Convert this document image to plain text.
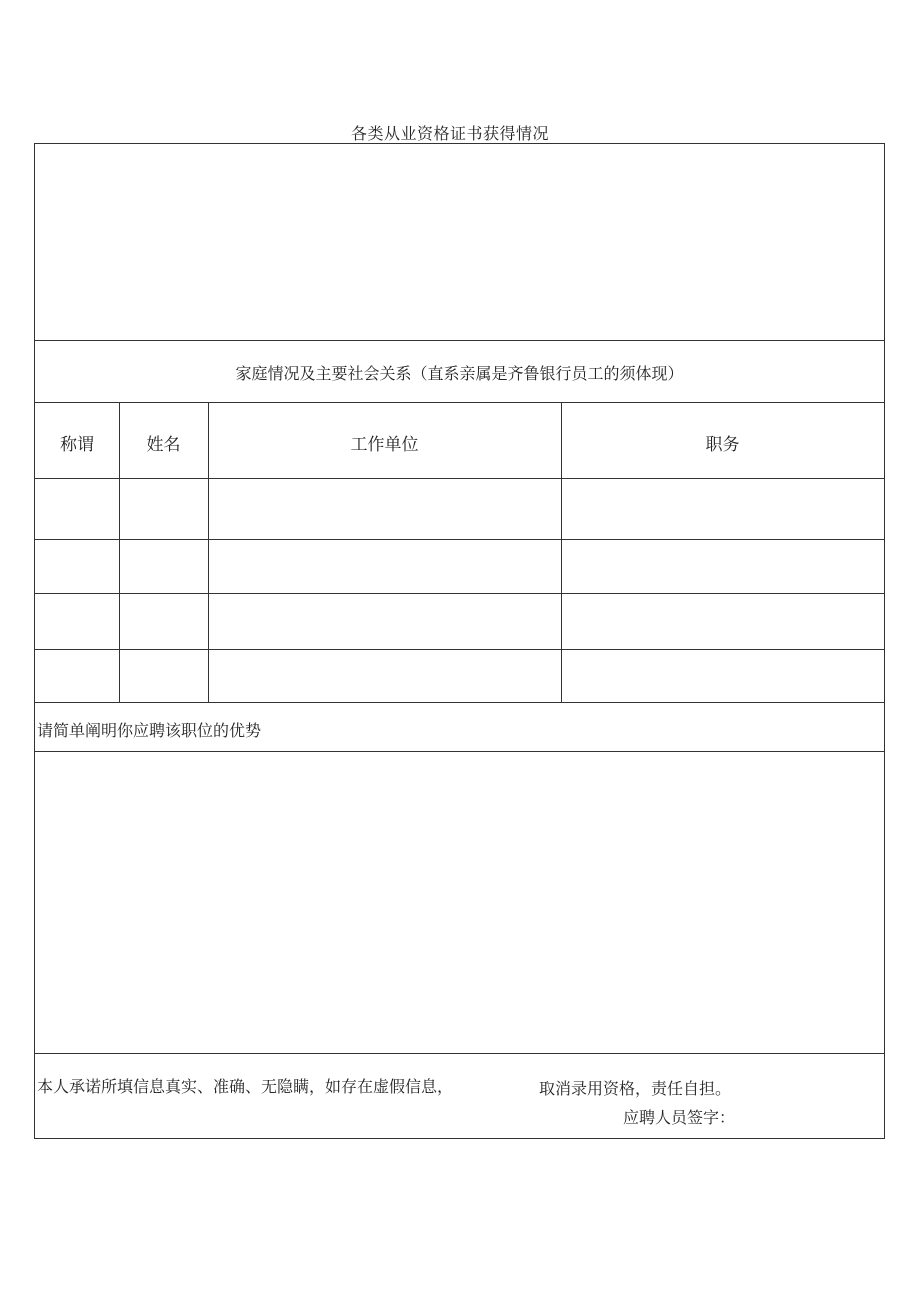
各类从业资格证书获得情况
家庭情况及主要社会关系（直系亲属是齐鲁银行员工的须体现）
称谓	姓名	工作单位	职务
请简单阐明你应聘该职位的优势
本人承诺所填信息真实、准确、无隐瞒，如存在虚假信息，	取消录用资格，责任自担。
应聘人员签字：
